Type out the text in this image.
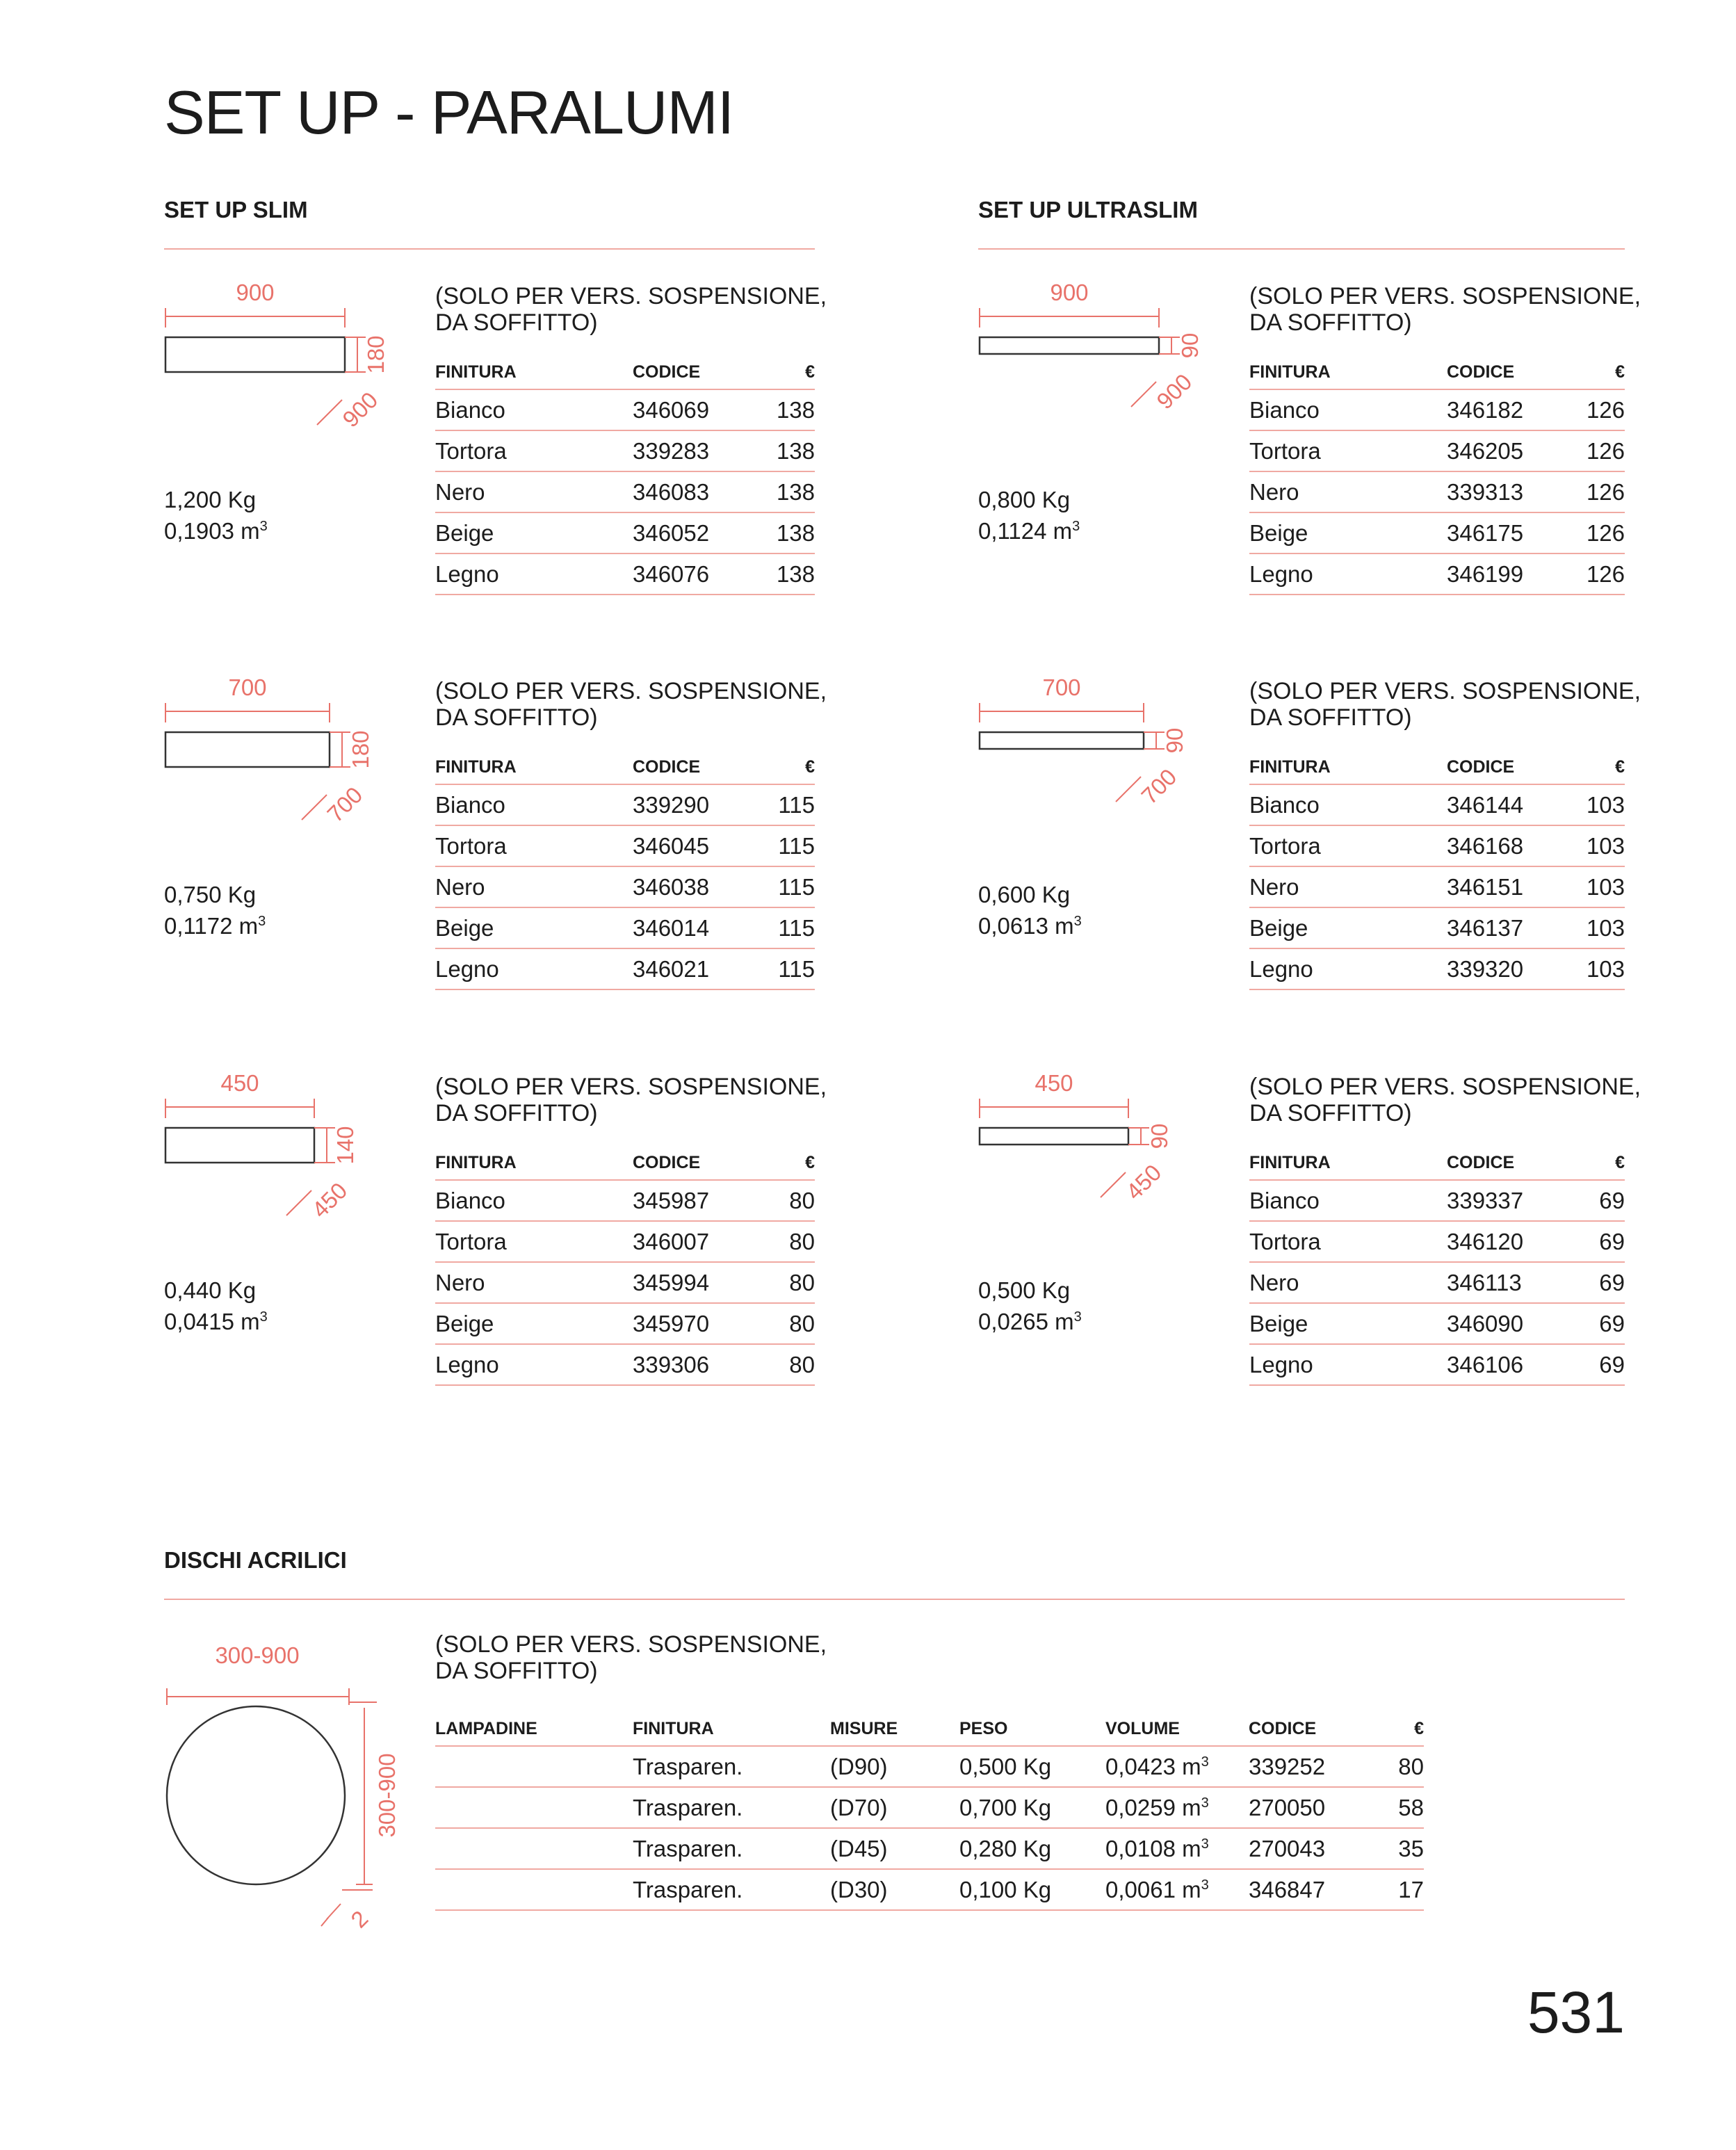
SET UP - PARALUMI
SET UP SLIM	SET UP ULTRASLIM
900
180
900
1,200 Kg
0,1903 $m^3$
(SOLO PER VERS. SOSPENSIONE,
DA SOFFITTO)
FINITURA	CODICE	€
Bianco	346069	138
Tortora	339283	138
Nero	346083	138
Beige	346052	138
Legno	346076	138
700
180
700
0,750 Kg
0,1172 $m^3$
(SOLO PER VERS. SOSPENSIONE,
DA SOFFITTO)
FINITURA	CODICE	€
Bianco	339290	115
Tortora	346045	115
Nero	346038	115
Beige	346014	115
Legno	346021	115
450
140
450
0,440 Kg
0,0415 $m^3$
(SOLO PER VERS. SOSPENSIONE,
DA SOFFITTO)
FINITURA	CODICE	€
Bianco	345987	80
Tortora	346007	80
Nero	345994	80
Beige	345970	80
Legno	339306	80
900
90
900
0,800 Kg
0,1124 $m^3$
(SOLO PER VERS. SOSPENSIONE,
DA SOFFITTO)
FINITURA	CODICE	€
Bianco	346182	126
Tortora	346205	126
Nero	339313	126
Beige	346175	126
Legno	346199	126
700
90
700
0,600 Kg
0,0613 $m^3$
(SOLO PER VERS. SOSPENSIONE,
DA SOFFITTO)
FINITURA	CODICE	€
Bianco	346144	103
Tortora	346168	103
Nero	346151	103
Beige	346137	103
Legno	339320	103
450
90
450
0,500 Kg
0,0265 $m^3$
(SOLO PER VERS. SOSPENSIONE,
DA SOFFITTO)
FINITURA	CODICE	€
Bianco	339337	69
Tortora	346120	69
Nero	346113	69
Beige	346090	69
Legno	346106	69
DISCHI ACRILICI
300-900
300-900
2
(SOLO PER VERS. SOSPENSIONE,
DA SOFFITTO)
LAMPADINE	FINITURA	MISURE	PESO	VOLUME	CODICE	€
	Trasparen.	(D90)	0,500 Kg	0,0423 $m^3$	339252	80
	Trasparen.	(D70)	0,700 Kg	0,0259 $m^3$	270050	58
	Trasparen.	(D45)	0,280 Kg	0,0108 $m^3$	270043	35
	Trasparen.	(D30)	0,100 Kg	0,0061 $m^3$	346847	17
531
